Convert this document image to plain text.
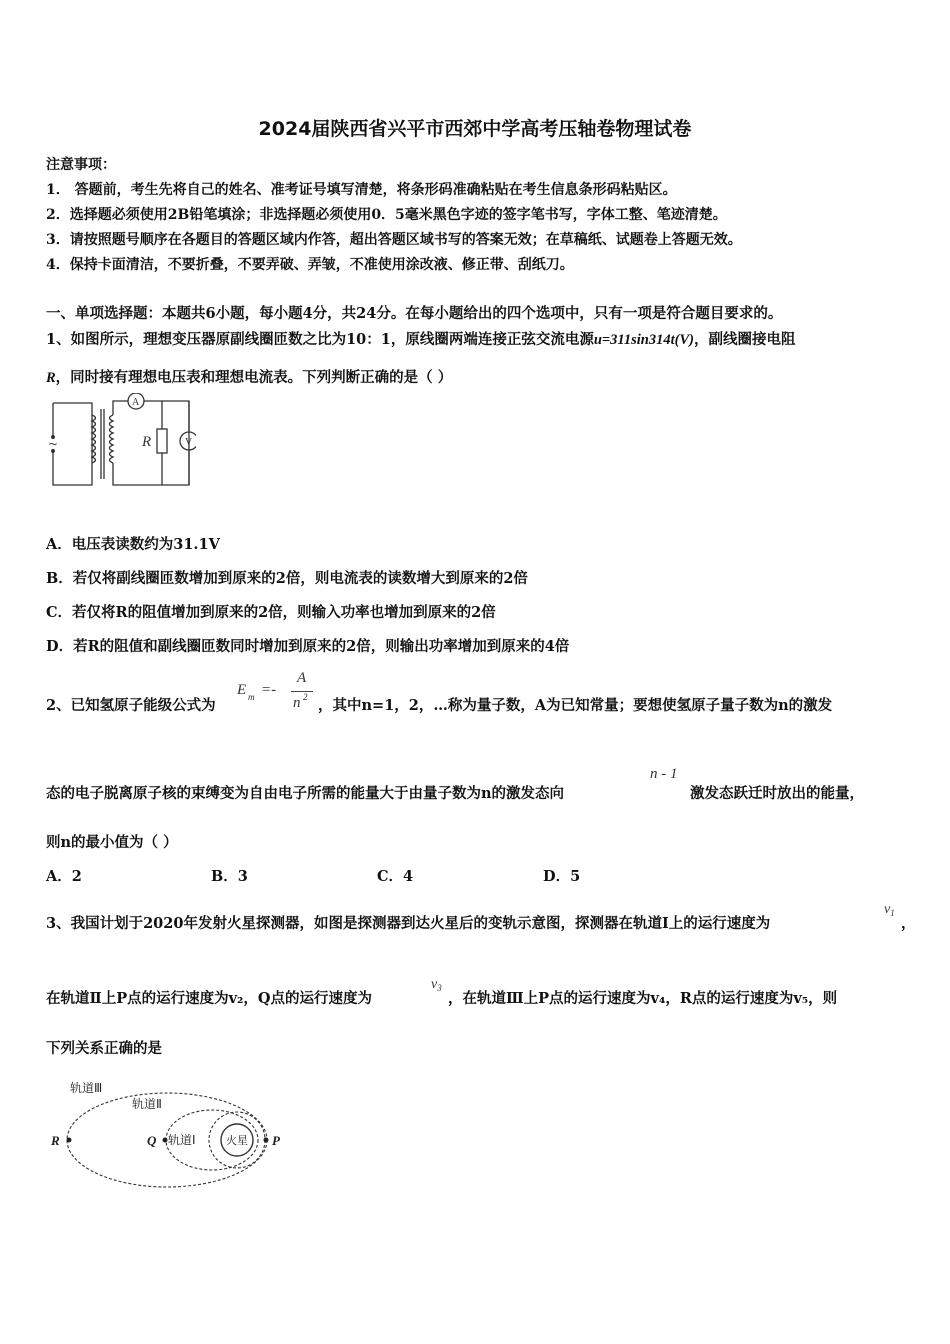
2024届陕西省兴平市西郊中学高考压轴卷物理试卷
注意事项：
1． 答题前，考生先将自己的姓名、准考证号填写清楚，将条形码准确粘贴在考生信息条形码粘贴区。
2．选择题必须使用2B铅笔填涂；非选择题必须使用0．5毫米黑色字迹的签字笔书写，字体工整、笔迹清楚。
3．请按照题号顺序在各题目的答题区域内作答，超出答题区域书写的答案无效；在草稿纸、试题卷上答题无效。
4．保持卡面清洁，不要折叠，不要弄破、弄皱，不准使用涂改液、修正带、刮纸刀。
一、单项选择题：本题共6小题，每小题4分，共24分。在每小题给出的四个选项中，只有一项是符合题目要求的。
1、如图所示，理想变压器原副线圈匝数之比为10：1，原线圈两端连接正弦交流电源u=311sin314t(V)，副线圈接电阻
R，同时接有理想电压表和理想电流表。下列判断正确的是（ ）
~
A
V
R
A．电压表读数约为31.1V
B．若仅将副线圈匝数增加到原来的2倍，则电流表的读数增大到原来的2倍
C．若仅将R的阻值增加到原来的2倍，则输入功率也增加到原来的2倍
D．若R的阻值和副线圈匝数同时增加到原来的2倍，则输出功率增加到原来的4倍
2、已知氢原子能级公式为
E m =-
A
n 2 ，其中n=1，2，…称为量子数，A为已知常量；要想使氢原子量子数为n的激发
态的电子脱离原子核的束缚变为自由电子所需的能量大于由量子数为n的激发态向
n - 1
激发态跃迁时放出的能量，
则n的最小值为（ ）
A．2	B．3	C．4	D．5
3、我国计划于2020年发射火星探测器，如图是探测器到达火星后的变轨示意图，探测器在轨道Ⅰ上的运行速度为
$v_1$
，
在轨道Ⅱ上P点的运行速度为v₂，Q点的运行速度为
$v_3$
，在轨道Ⅲ上P点的运行速度为v₄，R点的运行速度为v₅，则
下列关系正确的是
轨道Ⅲ
轨道Ⅱ
轨道Ⅰ	火星
R	Q	P
